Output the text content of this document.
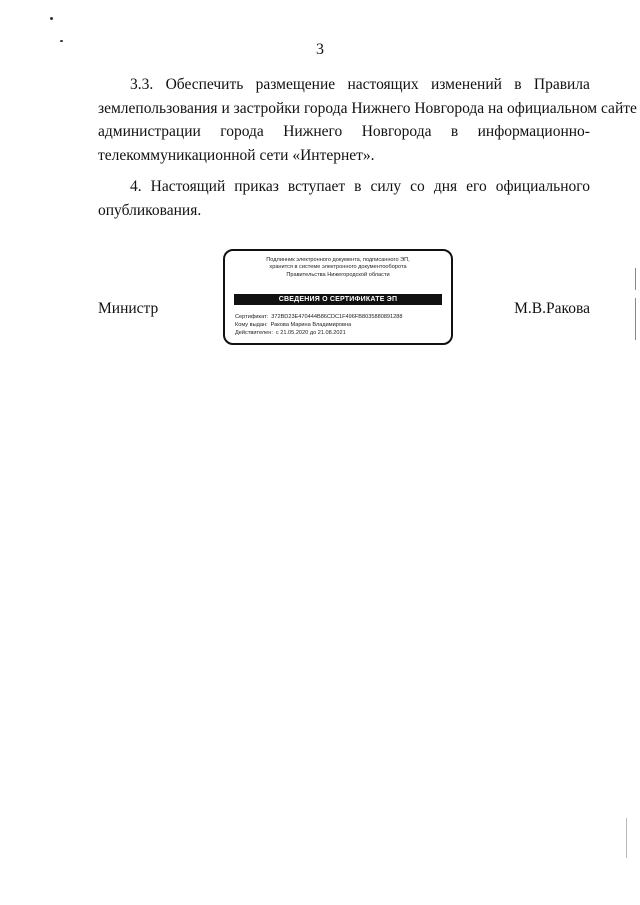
3
3.3. Обеспечить размещение настоящих изменений в Правила
землепользования и застройки города Нижнего Новгорода на официальном сайте
администрации города Нижнего Новгорода в информационно-
телекоммуникационной сети «Интернет».
4. Настоящий приказ вступает в силу со дня его официального
опубликования.
Министр	М.В.Ракова
Подлинник электронного документа, подписанного ЭП,
хранится в системе электронного документооборота
Правительства Нижегородской области
СВЕДЕНИЯ О СЕРТИФИКАТЕ ЭП
Сертификат: 372BD23E470444B86CDC1F496FB8035880891288
Кому выдан: Ракова Марина Владимировна
Действителен: с 21.05.2020 до 21.08.2021
